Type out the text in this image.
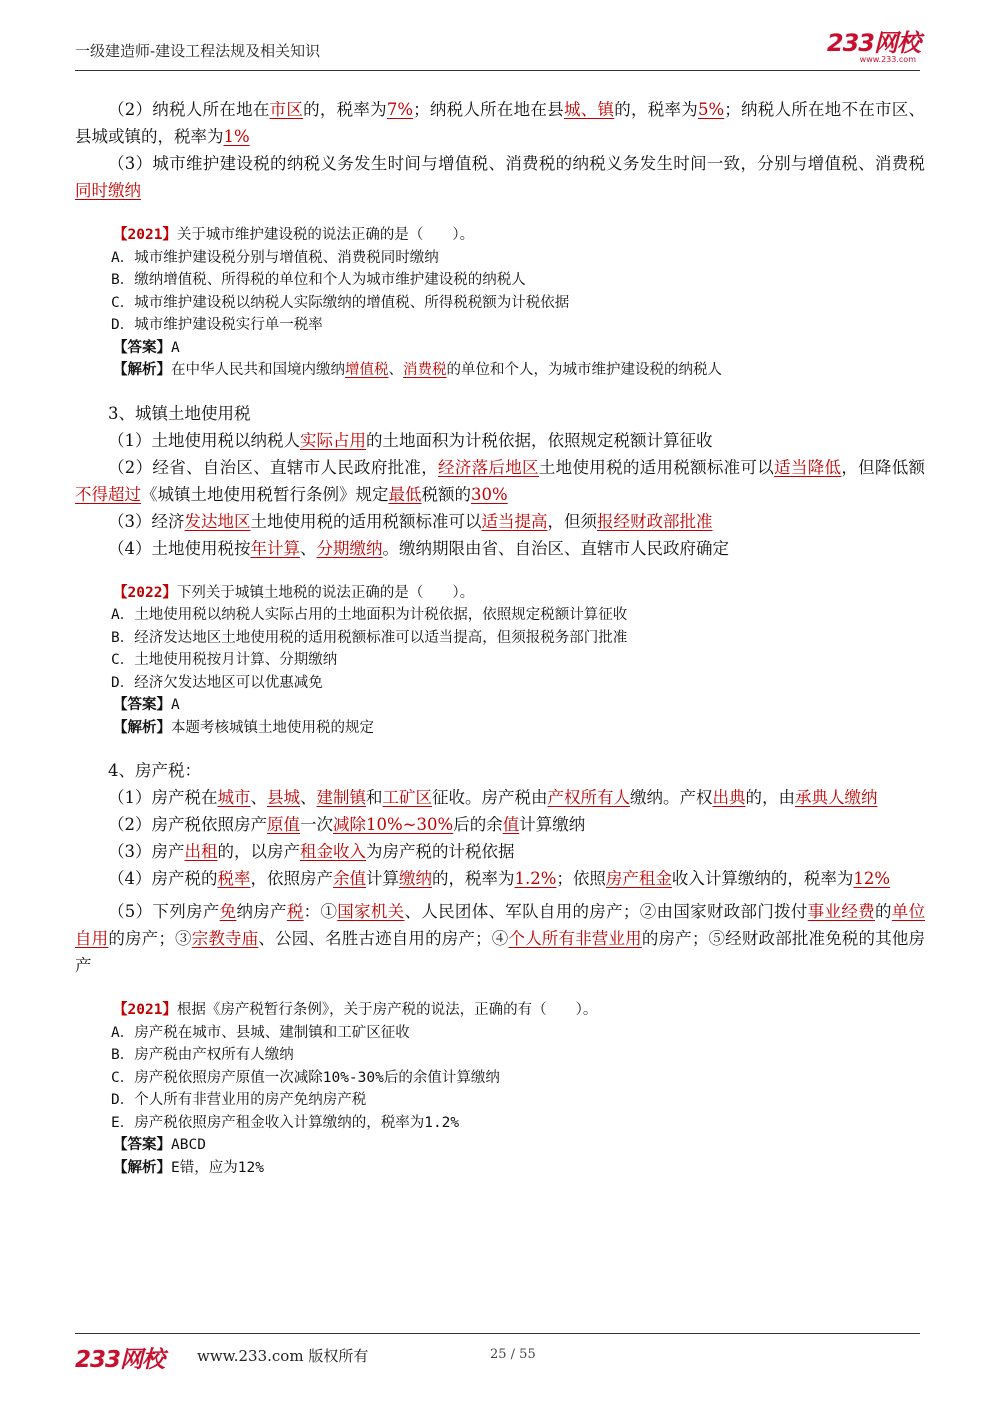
一级建造师-建设工程法规及相关知识	233网校
www.233.com

（2）纳税人所在地在市区的，税率为7%；纳税人所在地在县城、镇的，税率为5%；纳税人所在地不在市区、县城或镇的，税率为1%

（3）城市维护建设税的纳税义务发生时间与增值税、消费税的纳税义务发生时间一致，分别与增值税、消费税同时缴纳

【2021】关于城市维护建设税的说法正确的是（　　）。
A．城市维护建设税分别与增值税、消费税同时缴纳
B．缴纳增值税、所得税的单位和个人为城市维护建设税的纳税人
C．城市维护建设税以纳税人实际缴纳的增值税、所得税税额为计税依据
D．城市维护建设税实行单一税率
【答案】A
【解析】在中华人民共和国境内缴纳增值税、消费税的单位和个人，为城市维护建设税的纳税人

3、城镇土地使用税

（1）土地使用税以纳税人实际占用的土地面积为计税依据，依照规定税额计算征收

（2）经省、自治区、直辖市人民政府批准，经济落后地区土地使用税的适用税额标准可以适当降低，但降低额不得超过《城镇土地使用税暂行条例》规定最低税额的30%

（3）经济发达地区土地使用税的适用税额标准可以适当提高，但须报经财政部批准

（4）土地使用税按年计算、分期缴纳。缴纳期限由省、自治区、直辖市人民政府确定

【2022】下列关于城镇土地税的说法正确的是（　　）。
A．土地使用税以纳税人实际占用的土地面积为计税依据，依照规定税额计算征收
B．经济发达地区土地使用税的适用税额标准可以适当提高，但须报税务部门批准
C．土地使用税按月计算、分期缴纳
D．经济欠发达地区可以优惠减免
【答案】A
【解析】本题考核城镇土地使用税的规定

4、房产税：

（1）房产税在城市、县城、建制镇和工矿区征收。房产税由产权所有人缴纳。产权出典的，由承典人缴纳

（2）房产税依照房产原值一次减除10%~30%后的余值计算缴纳

（3）房产出租的，以房产租金收入为房产税的计税依据

（4）房产税的税率，依照房产余值计算缴纳的，税率为1.2%；依照房产租金收入计算缴纳的，税率为12%

（5）下列房产免纳房产税：①国家机关、人民团体、军队自用的房产；②由国家财政部门拨付事业经费的单位自用的房产；③宗教寺庙、公园、名胜古迹自用的房产；④个人所有非营业用的房产；⑤经财政部批准免税的其他房产

【2021】根据《房产税暂行条例》，关于房产税的说法，正确的有（　　）。
A．房产税在城市、县城、建制镇和工矿区征收
B．房产税由产权所有人缴纳
C．房产税依照房产原值一次减除10%-30%后的余值计算缴纳
D．个人所有非营业用的房产免纳房产税
E．房产税依照房产租金收入计算缴纳的，税率为1.2%
【答案】ABCD
【解析】E错，应为12%
233网校 www.233.com 版权所有	25 / 55
